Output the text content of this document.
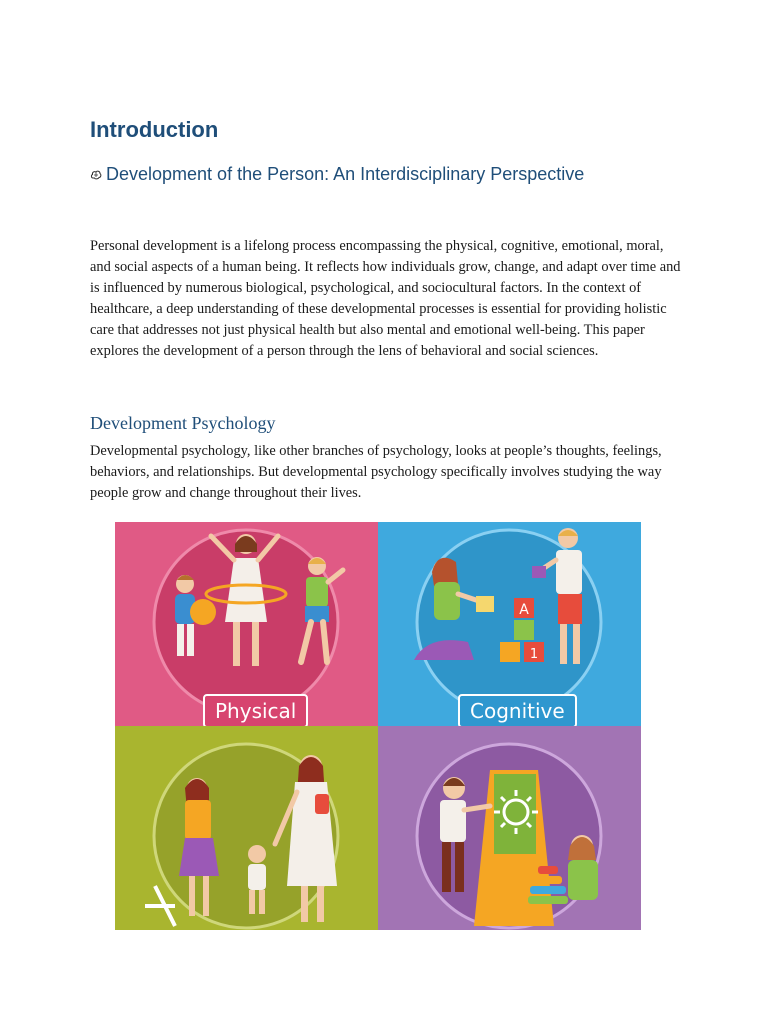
Introduction
Development of the Person: An Interdisciplinary Perspective

Personal development is a lifelong process encompassing the physical, cognitive, emotional, moral, and social aspects of a human being. It reflects how individuals grow, change, and adapt over time and is influenced by numerous biological, psychological, and sociocultural factors. In the context of healthcare, a deep understanding of these developmental processes is essential for providing holistic care that addresses not just physical health but also mental and emotional well-being. This paper explores the development of a person through the lens of behavioral and social sciences.

Development Psychology

Developmental psychology, like other branches of psychology, looks at people’s thoughts, feelings, behaviors, and relationships. But developmental psychology specifically involves studying the way people grow and change throughout their lives.

Physical
A
1
Cognitive
